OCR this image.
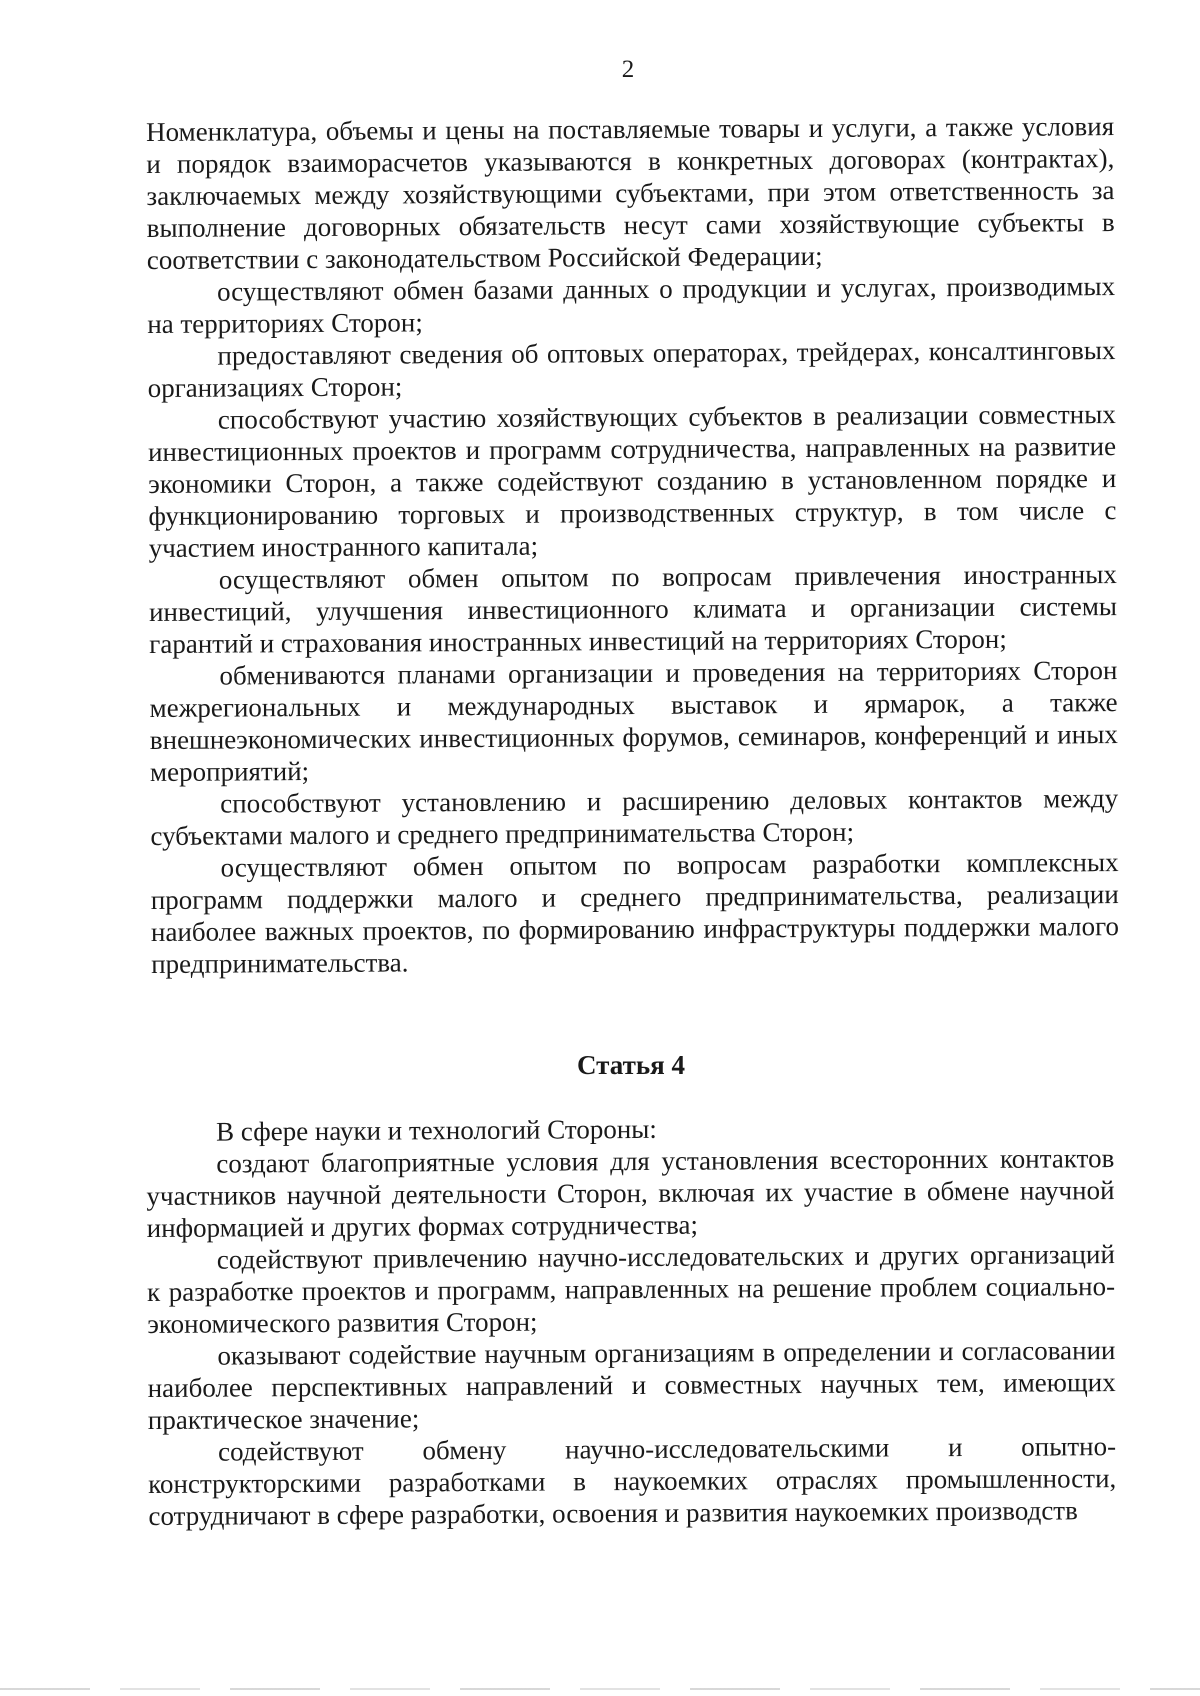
2

Номенклатура, объемы и цены на поставляемые товары и услуги, а также условия и порядок взаиморасчетов указываются в конкретных договорах (контрактах), заключаемых между хозяйствующими субъектами, при этом ответственность за выполнение договорных обязательств несут сами хозяйствующие субъекты в соответствии с законодательством Российской Федерации;

осуществляют обмен базами данных о продукции и услугах, производимых на территориях Сторон;

предоставляют сведения об оптовых операторах, трейдерах, консалтинговых организациях Сторон;

способствуют участию хозяйствующих субъектов в реализации совместных инвестиционных проектов и программ сотрудничества, направленных на развитие экономики Сторон, а также содействуют созданию в установленном порядке и функционированию торговых и производственных структур, в том числе с участием иностранного капитала;

осуществляют обмен опытом по вопросам привлечения иностранных инвестиций, улучшения инвестиционного климата и организации системы гарантий и страхования иностранных инвестиций на территориях Сторон;

обмениваются планами организации и проведения на территориях Сторон межрегиональных и международных выставок и ярмарок, а также внешнеэкономических инвестиционных форумов, семинаров, конференций и иных мероприятий;

способствуют установлению и расширению деловых контактов между субъектами малого и среднего предпринимательства Сторон;

осуществляют обмен опытом по вопросам разработки комплексных программ поддержки малого и среднего предпринимательства, реализации наиболее важных проектов, по формированию инфраструктуры поддержки малого предпринимательства.

Статья 4

В сфере науки и технологий Стороны:

создают благоприятные условия для установления всесторонних контактов участников научной деятельности Сторон, включая их участие в обмене научной информацией и других формах сотрудничества;

содействуют привлечению научно-исследовательских и других организаций к разработке проектов и программ, направленных на решение проблем социально-экономического развития Сторон;

оказывают содействие научным организациям в определении и согласовании наиболее перспективных направлений и совместных научных тем, имеющих практическое значение;

содействуют обмену научно-исследовательскими и опытно-конструкторскими разработками в наукоемких отраслях промышленности, сотрудничают в сфере разработки, освоения и развития наукоемких производств
